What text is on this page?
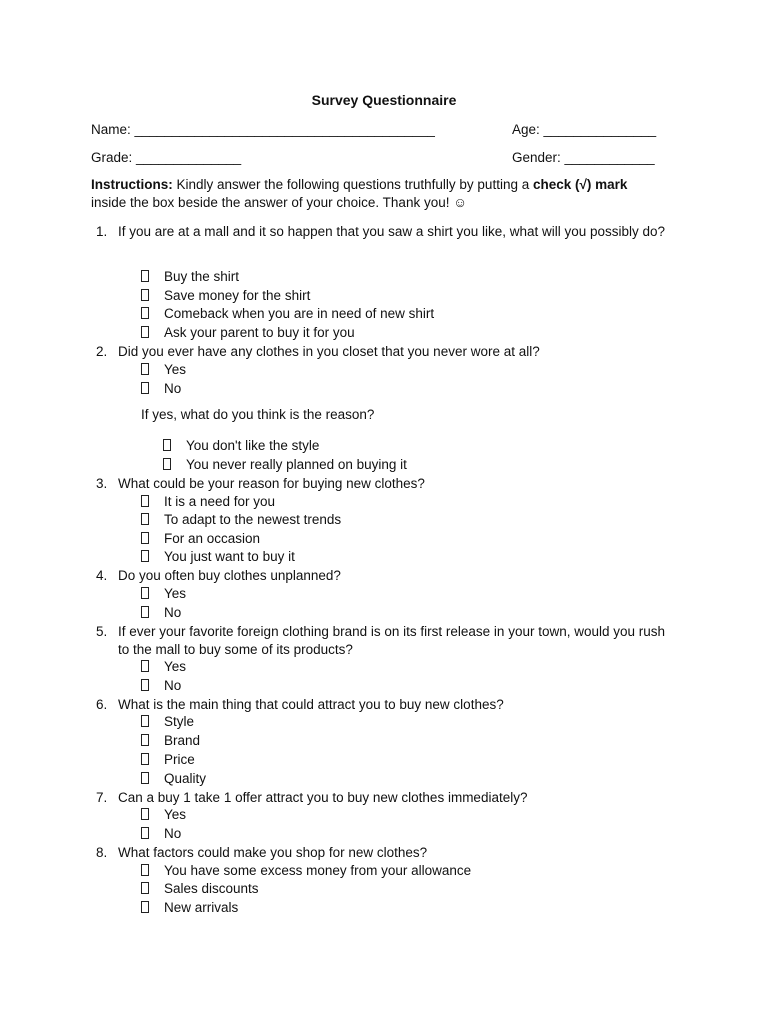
Survey Questionnaire
Name: ________________________________________	Age: _______________
Grade: ______________	Gender: ____________
Instructions: Kindly answer the following questions truthfully by putting a check (√) mark inside the box beside the answer of your choice. Thank you! ☺
1. If you are at a mall and it so happen that you saw a shirt you like, what will you possibly do?
Buy the shirt
Save money for the shirt
Comeback when you are in need of new shirt
Ask your parent to buy it for you
2. Did you ever have any clothes in you closet that you never wore at all?
Yes
No
If yes, what do you think is the reason?
You don't like the style
You never really planned on buying it
3. What could be your reason for buying new clothes?
It is a need for you
To adapt to the newest trends
For an occasion
You just want to buy it
4. Do you often buy clothes unplanned?
Yes
No
5. If ever your favorite foreign clothing brand is on its first release in your town, would you rush to the mall to buy some of its products?
Yes
No
6. What is the main thing that could attract you to buy new clothes?
Style
Brand
Price
Quality
7. Can a buy 1 take 1 offer attract you to buy new clothes immediately?
Yes
No
8. What factors could make you shop for new clothes?
You have some excess money from your allowance
Sales discounts
New arrivals
